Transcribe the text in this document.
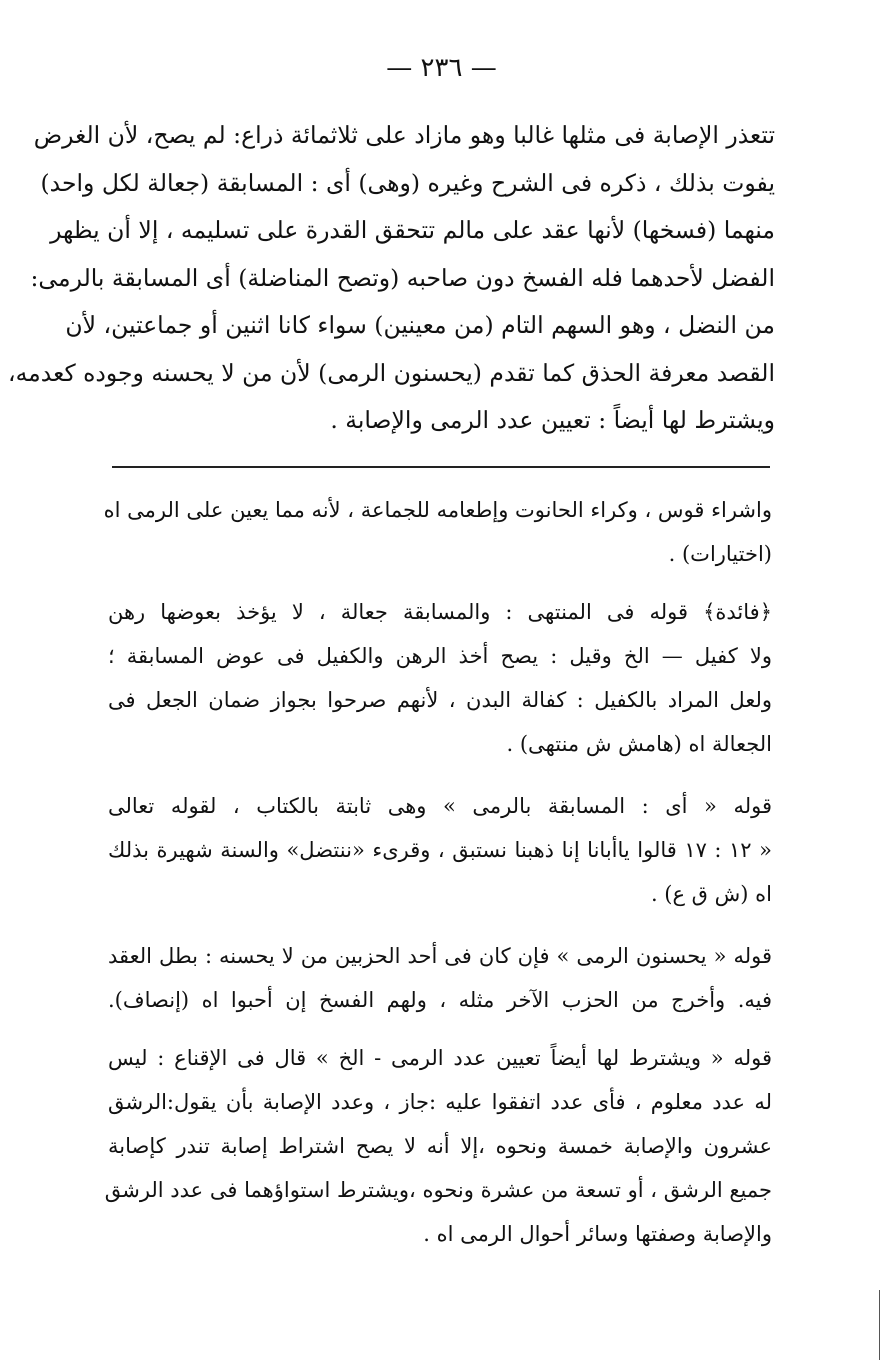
— ٢٣٦ —
تتعذر الإصابة فى مثلها غالبا وهو مازاد على ثلاثمائة ذراع: لم يصح، لأن الغرض
يفوت بذلك ، ذكره فى الشرح وغيره (وهى) أى : المسابقة (جعالة لكل واحد)
منهما (فسخها) لأنها عقد على مالم تتحقق القدرة على تسليمه ، إلا أن يظهر
الفضل لأحدهما فله الفسخ دون صاحبه (وتصح المناضلة) أى المسابقة بالرمى:
من النضل ، وهو السهم التام (من معينين) سواء كانا اثنين أو جماعتين، لأن
القصد معرفة الحذق كما تقدم (يحسنون الرمى) لأن من لا يحسنه وجوده كعدمه،
ويشترط لها أيضاً : تعيين عدد الرمى والإصابة .
واشراء قوس ، وكراء الحانوت وإطعامه للجماعة ، لأنه مما يعين على الرمى اه
(اختيارات) .
﴿فائدة﴾ قوله فى المنتهى : والمسابقة جعالة ، لا يؤخذ بعوضها رهن
ولا كفيل — الخ وقيل : يصح أخذ الرهن والكفيل فى عوض المسابقة ؛
ولعل المراد بالكفيل : كفالة البدن ، لأنهم صرحوا بجواز ضمان الجعل فى
الجعالة اه (هامش ش منتهى) .
قوله « أى : المسابقة بالرمى » وهى ثابتة بالكتاب ، لقوله تعالى
« ١٢ : ١٧ قالوا ياأبانا إنا ذهبنا نستبق ، وقرىء «ننتضل» والسنة شهيرة بذلك
اه (ش ق ع) .
قوله « يحسنون الرمى » فإن كان فى أحد الحزبين من لا يحسنه : بطل العقد
فيه. وأخرج من الحزب الآخر مثله ، ولهم الفسخ إن أحبوا اه (إنصاف).
قوله « ويشترط لها أيضاً تعيين عدد الرمى - الخ » قال فى الإقناع : ليس
له عدد معلوم ، فأى عدد اتفقوا عليه :جاز ، وعدد الإصابة بأن يقول:الرشق
عشرون والإصابة خمسة ونحوه ،إلا أنه لا يصح اشتراط إصابة تندر كإصابة
جميع الرشق ، أو تسعة من عشرة ونحوه ،ويشترط استواؤهما فى عدد الرشق
والإصابة وصفتها وسائر أحوال الرمى اه .
